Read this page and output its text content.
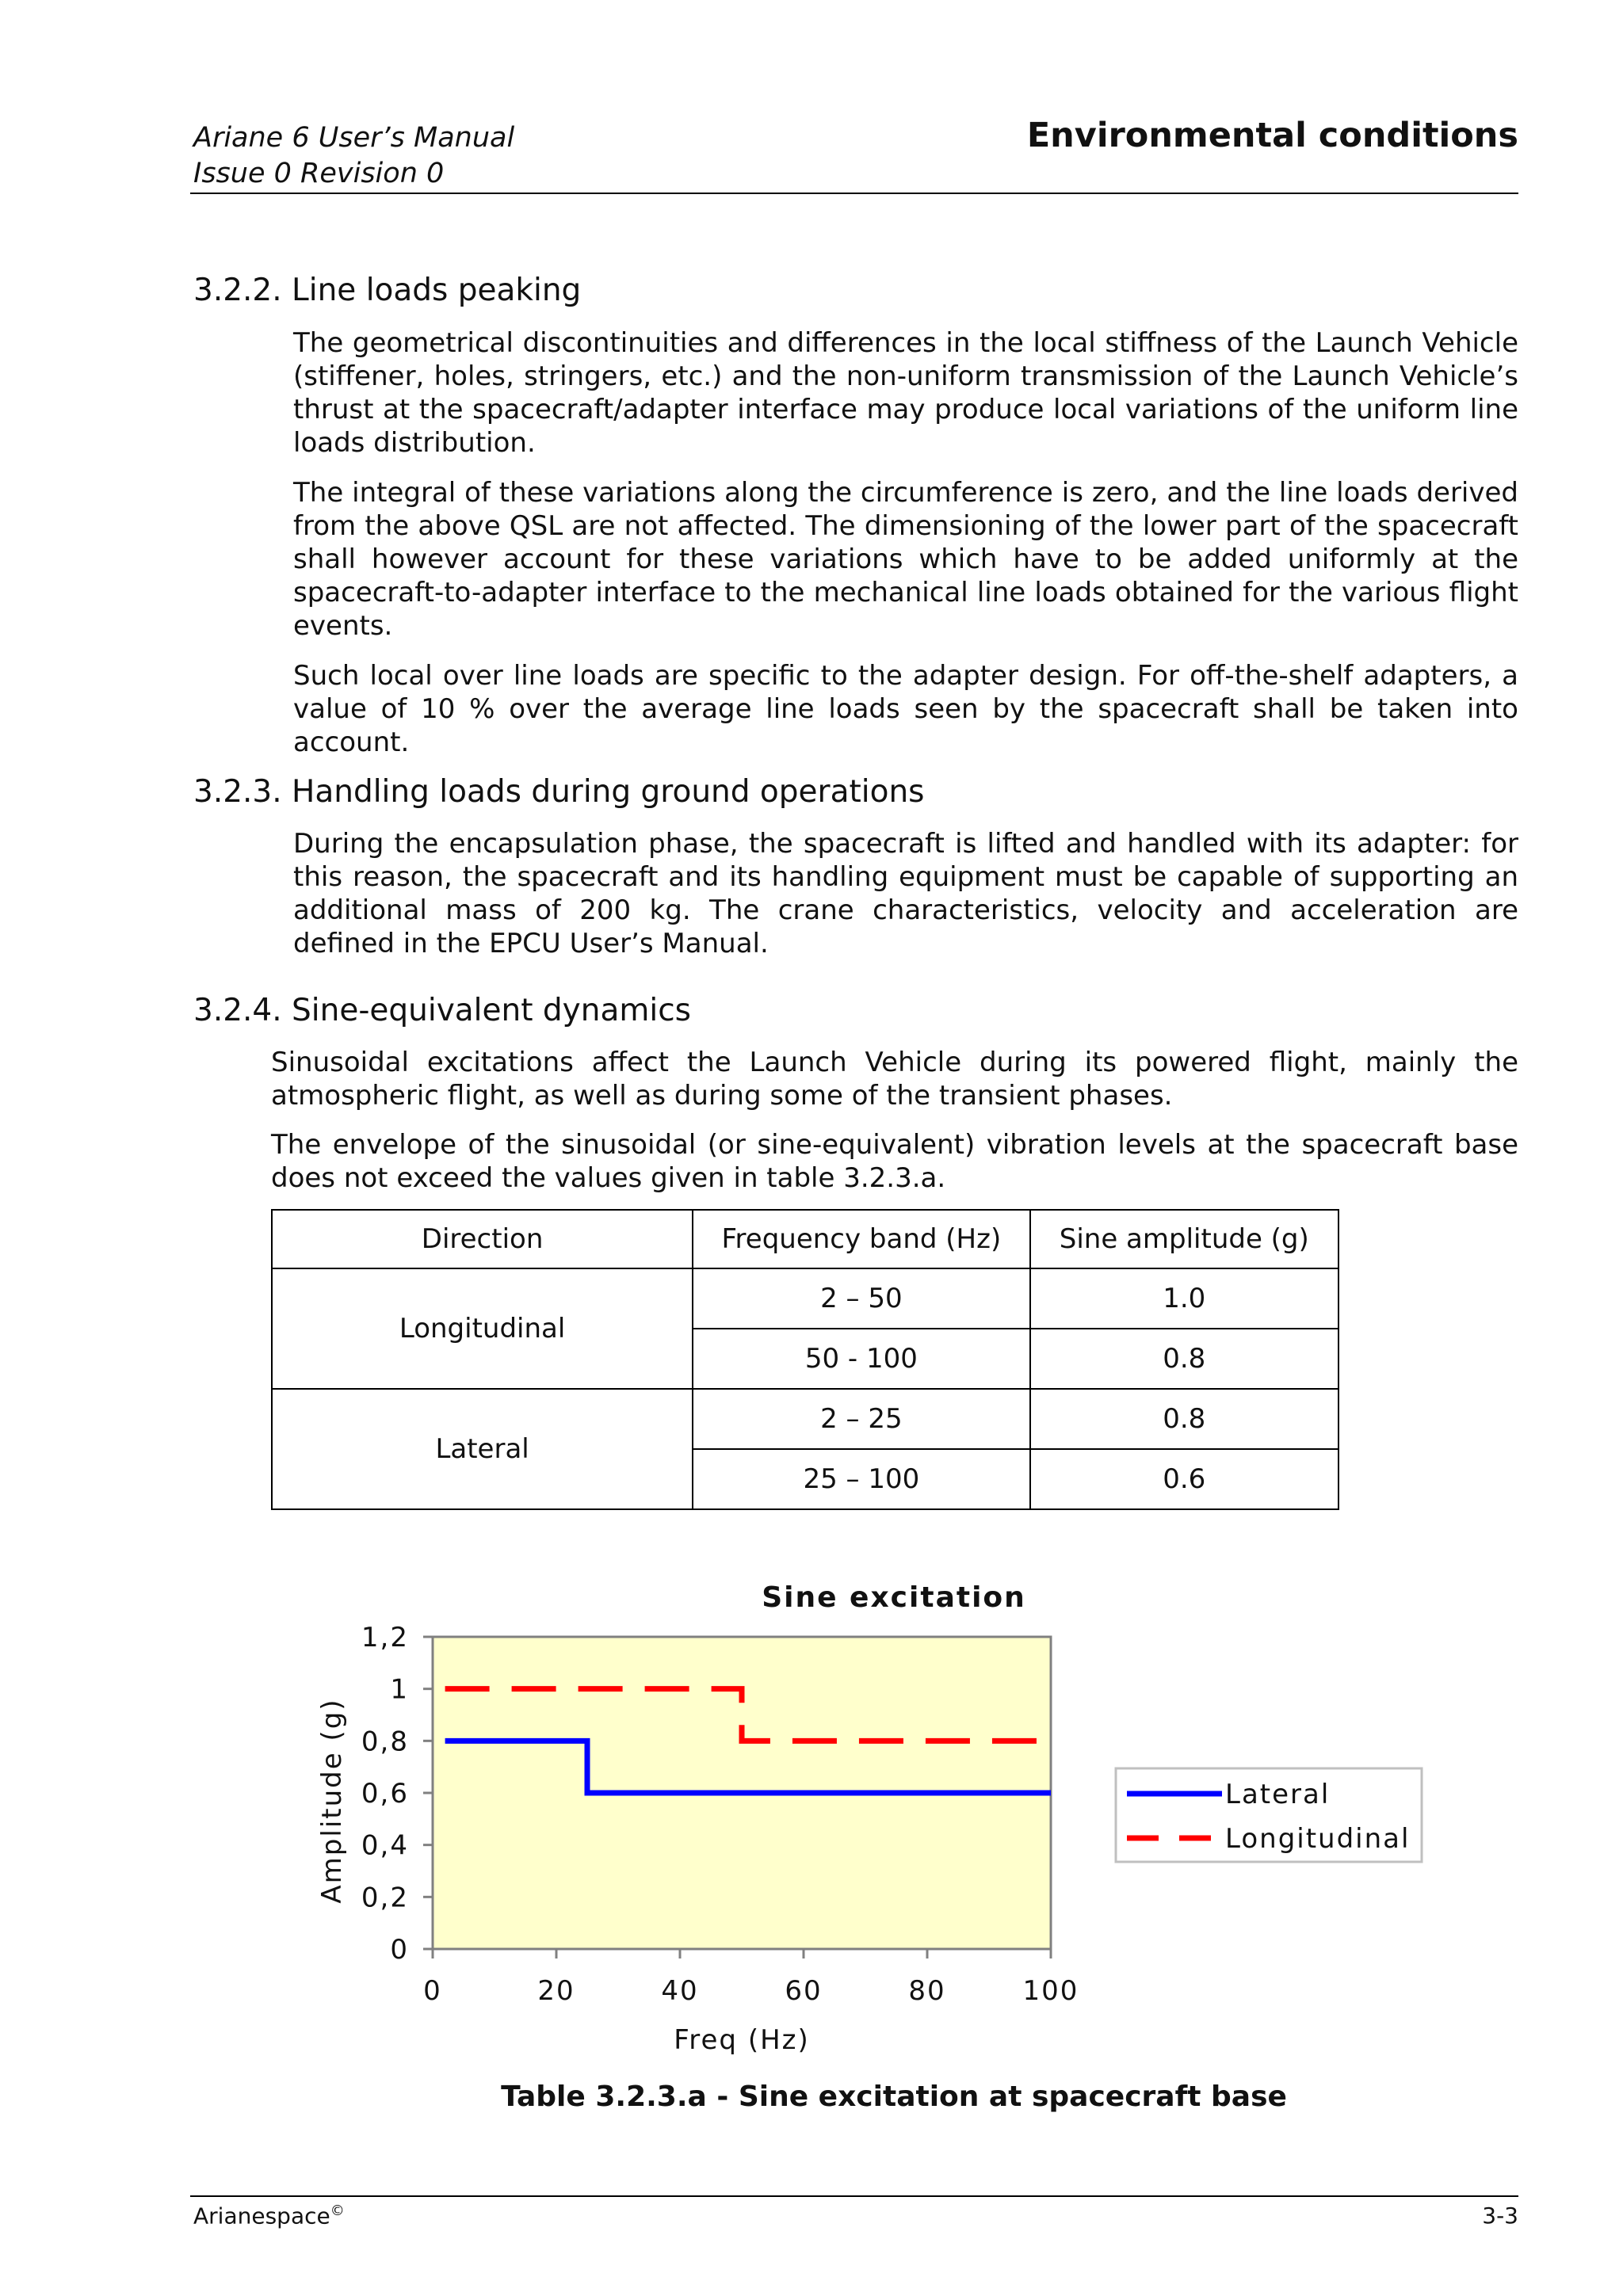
Ariane 6 User’s Manual
Issue 0 Revision 0
Environmental conditions
3.2.2. Line loads peaking
The geometrical discontinuities and differences in the local stiffness of the Launch Vehicle (stiffener, holes, stringers, etc.) and the non-uniform transmission of the Launch Vehicle’s thrust at the spacecraft/adapter interface may produce local variations of the uniform line loads distribution.
The integral of these variations along the circumference is zero, and the line loads derived from the above QSL are not affected. The dimensioning of the lower part of the spacecraft shall however account for these variations which have to be added uniformly at the spacecraft-to-adapter interface to the mechanical line loads obtained for the various flight events.
Such local over line loads are specific to the adapter design. For off-the-shelf adapters, a value of 10 % over the average line loads seen by the spacecraft shall be taken into account.
3.2.3. Handling loads during ground operations
During the encapsulation phase, the spacecraft is lifted and handled with its adapter: for this reason, the spacecraft and its handling equipment must be capable of supporting an additional mass of 200 kg. The crane characteristics, velocity and acceleration are defined in the EPCU User’s Manual.
3.2.4. Sine-equivalent dynamics
Sinusoidal excitations affect the Launch Vehicle during its powered flight, mainly the atmospheric flight, as well as during some of the transient phases.
The envelope of the sinusoidal (or sine-equivalent) vibration levels at the spacecraft base does not exceed the values given in table 3.2.3.a.
Direction	Frequency band (Hz)	Sine amplitude (g)
Longitudinal	2 – 50	1.0
	50 - 100	0.8
Lateral	2 – 25	0.8
	25 – 100	0.6
Sine excitation
0
0,2
0,4
0,6
0,8
1
1,2
0	20	40	60	80	100
Freq (Hz)
Amplitude (g)	Lateral
Longitudinal
Table 3.2.3.a - Sine excitation at spacecraft base
Arianespace©	3-3
